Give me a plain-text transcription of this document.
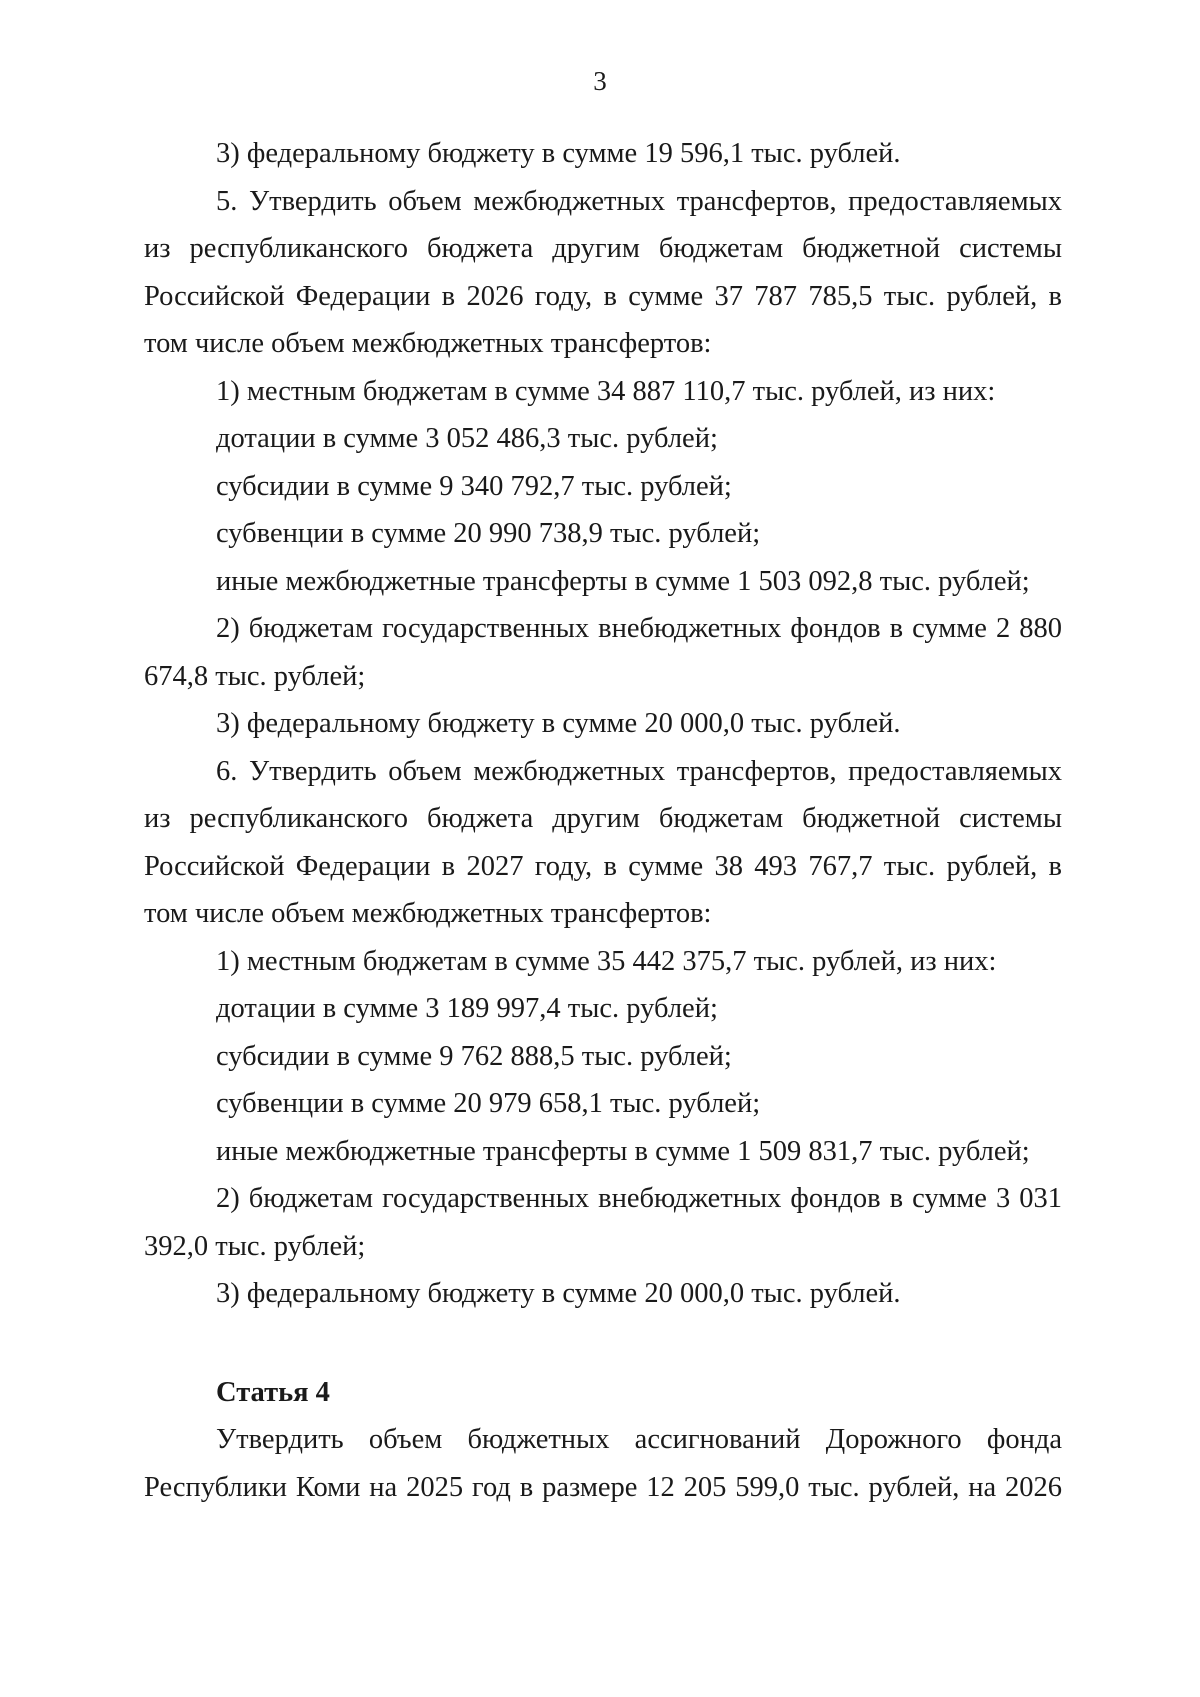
3

3) федеральному бюджету в сумме 19 596,1 тыс. рублей.

5. Утвердить объем межбюджетных трансфертов, предоставляемых из республиканского бюджета другим бюджетам бюджетной системы Российской Федерации в 2026 году, в сумме 37 787 785,5 тыс. рублей, в том числе объем межбюджетных трансфертов:

1) местным бюджетам в сумме 34 887 110,7 тыс. рублей, из них:

дотации в сумме 3 052 486,3 тыс. рублей;

субсидии в сумме 9 340 792,7 тыс. рублей;

субвенции в сумме 20 990 738,9 тыс. рублей;

иные межбюджетные трансферты в сумме 1 503 092,8 тыс. рублей;

2) бюджетам государственных внебюджетных фондов в сумме 2 880 674,8 тыс. рублей;

3) федеральному бюджету в сумме 20 000,0 тыс. рублей.

6. Утвердить объем межбюджетных трансфертов, предоставляемых из республиканского бюджета другим бюджетам бюджетной системы Российской Федерации в 2027 году, в сумме 38 493 767,7 тыс. рублей, в том числе объем межбюджетных трансфертов:

1) местным бюджетам в сумме 35 442 375,7 тыс. рублей, из них:

дотации в сумме 3 189 997,4 тыс. рублей;

субсидии в сумме 9 762 888,5 тыс. рублей;

субвенции в сумме 20 979 658,1 тыс. рублей;

иные межбюджетные трансферты в сумме 1 509 831,7 тыс. рублей;

2) бюджетам государственных внебюджетных фондов в сумме 3 031 392,0 тыс. рублей;

3) федеральному бюджету в сумме 20 000,0 тыс. рублей.

Статья 4

Утвердить объем бюджетных ассигнований Дорожного фонда Республики Коми на 2025 год в размере 12 205 599,0 тыс. рублей, на 2026
